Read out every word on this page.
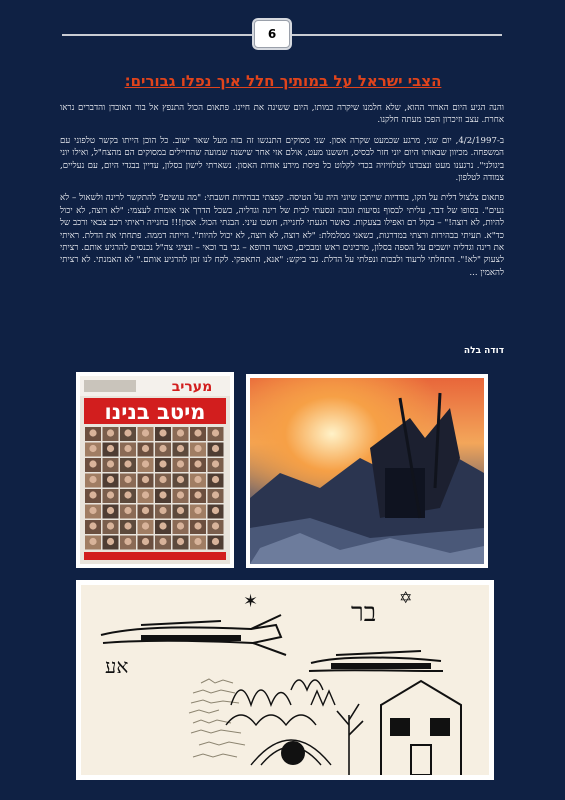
6
הצבי ישראל על במותיך חלל איך נפלו גבורים:

והנה הגיע היום הארור ההוא, שלא חלמנו שיקרה כמותו, היום ששינה את חיינו. פתאום הכול התנפץ אל בור האובדן והדברים נראו אחרת. עצב וזיכרון הפכו מעתה חלקנו.

ב-4/2/1997, יום שני, מרגע שכמעט שקרה אסון. שני מסוקים התנגשו זה בזה מעל שאר ישוב. כל הוכן הייתו בקשר טלפוני עם המשפחה. מכיוון שבאותו היום יוני חזר לבסיס, חששנו מעט, אולם אזי אחר שישנה שמועה שהחיילים במסוקים הם מהצח"ל, ואילו יוני ביגולני". נרגענו מעט ונצבדנו לטלוויזיה בכדי לקלוט כל פיסת מידע אודות האסון. נשארתי לישון בסלון, עדיין בבגדי היום, עם נעליים, צמודה לטלפון.

פתאום צלצול דלית על הקו, בודדיות שייתכן שיוני היה על הטיסה. קפצתי בבהירות חשבתי: "מה עושים? להתקשר לרינה ולשאול – לא נעים". בסופו של דבר, עליתי לבסוף נסיעות וגובה ונסעתי לבית של רינה וגדליה, כשכל הדרך אני אומרת לעצמי: "לא רוצה, לא יכול להיות, לא רוצה!" – בקול רם ואפילו בצעקות. כאשר הגעתי לחנייה, חשכו עיני. הבנתי הכול. אסון!!! בחנייה ראיתי רכב צבאי ורכב של כד"א. תעיתי בבהירות ורצתי במדרגות, כשאני ממלמלת: "לא רוצה, לא רוצה, לא יכול להיות". הייתה דממה. פתחתי את הדלת. ראיתי את רינה וגדליה יושבים על הספה בסלון, מרכינים ראש ומבכים, כאשר הרופא – גבי בר וכאי – ונציגי צה"ל נכנסים להרגיע אותם. רציתי לצעוק "לא!". התחלתי לרעוד ולבכות ונפלתי על הדלת. גבי ביקש: "אנא, התאפקי. לקח לנו זמן להרגיע אותם." לא האמנתי. לא רציתי להאמין ...

דודה בלה
מעריב
מיטב בנינו
✶	✡
בר
אע
